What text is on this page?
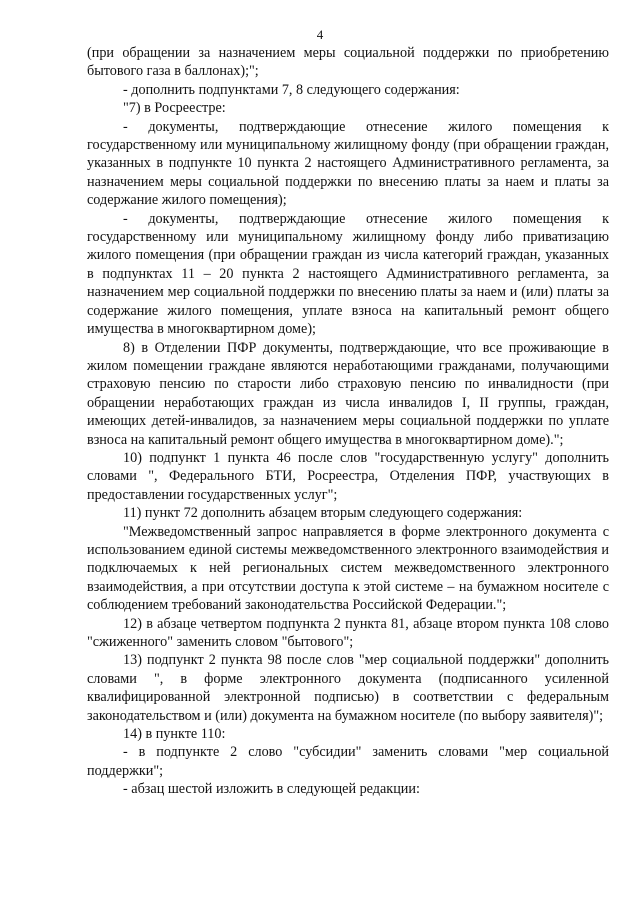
4

(при обращении за назначением меры социальной поддержки по приобретению бытового газа в баллонах);";

- дополнить подпунктами 7, 8 следующего содержания:

"7) в Росреестре:

- документы, подтверждающие отнесение жилого помещения к государственному или муниципальному жилищному фонду (при обращении граждан, указанных в подпункте 10 пункта 2 настоящего Административного регламента, за назначением меры социальной поддержки по внесению платы за наем и платы за содержание жилого помещения);

- документы, подтверждающие отнесение жилого помещения к государственному или муниципальному жилищному фонду либо приватизацию жилого помещения (при обращении граждан из числа категорий граждан, указанных в подпунктах 11 – 20 пункта 2 настоящего Административного регламента, за назначением мер социальной поддержки по внесению платы за наем и (или) платы за содержание жилого помещения, уплате взноса на капитальный ремонт общего имущества в многоквартирном доме);

8) в Отделении ПФР документы, подтверждающие, что все проживающие в жилом помещении граждане являются неработающими гражданами, получающими страховую пенсию по старости либо страховую пенсию по инвалидности (при обращении неработающих граждан из числа инвалидов I, II группы, граждан, имеющих детей-инвалидов, за назначением меры социальной поддержки по уплате взноса на капитальный ремонт общего имущества в многоквартирном доме).";

10) подпункт 1 пункта 46 после слов "государственную услугу" дополнить словами ", Федерального БТИ, Росреестра, Отделения ПФР, участвующих в предоставлении государственных услуг";

11) пункт 72 дополнить абзацем вторым следующего содержания:

"Межведомственный запрос направляется в форме электронного документа с использованием единой системы межведомственного электронного взаимодействия и подключаемых к ней региональных систем межведомственного электронного взаимодействия, а при отсутствии доступа к этой системе – на бумажном носителе с соблюдением требований законодательства Российской Федерации.";

12) в абзаце четвертом подпункта 2 пункта 81, абзаце втором пункта 108 слово "сжиженного" заменить словом "бытового";

13) подпункт 2 пункта 98 после слов "мер социальной поддержки" дополнить словами ", в форме электронного документа (подписанного усиленной квалифицированной электронной подписью) в соответствии с федеральным законодательством и (или) документа на бумажном носителе (по выбору заявителя)";

14) в пункте 110:

- в подпункте 2 слово "субсидии" заменить словами "мер социальной поддержки";

- абзац шестой изложить в следующей редакции:
